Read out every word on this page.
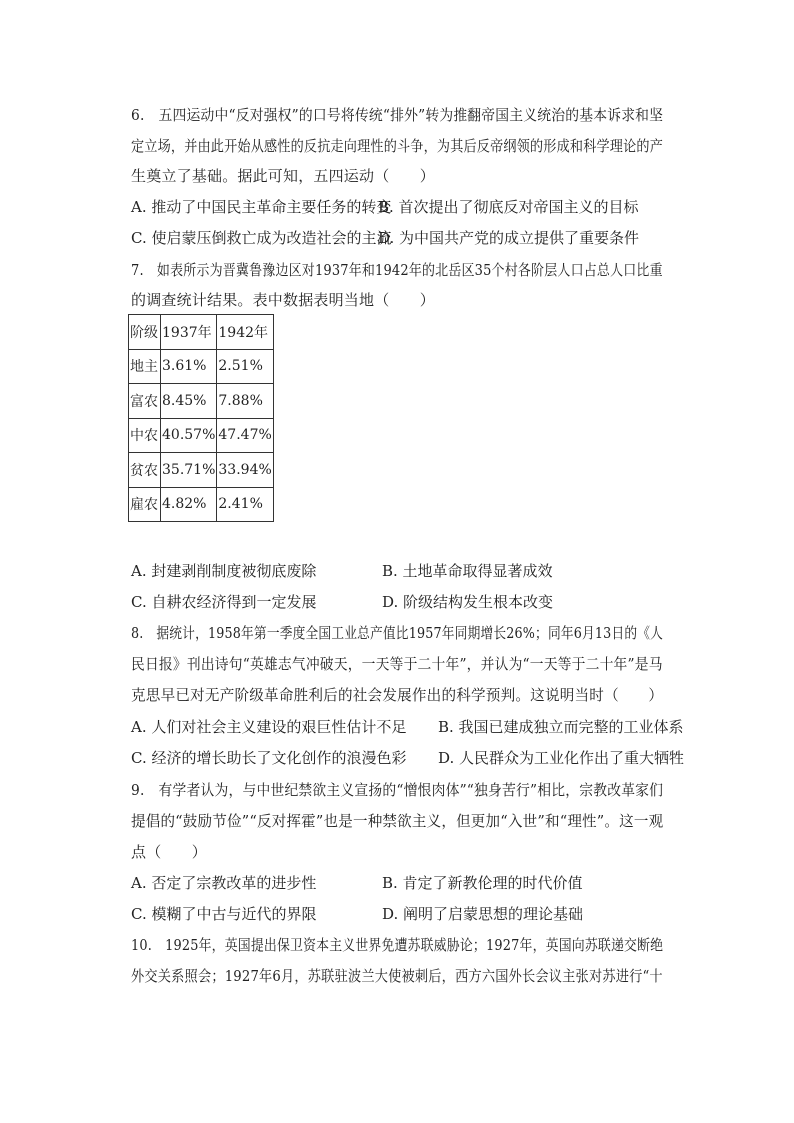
6.　五四运动中“反对强权”的口号将传统“排外”转为推翻帝国主义统治的基本诉求和坚
定立场，并由此开始从感性的反抗走向理性的斗争，为其后反帝纲领的形成和科学理论的产
生奠立了基础。据此可知，五四运动（　　）
A. 推动了中国民主革命主要任务的转变
B. 首次提出了彻底反对帝国主义的目标
C. 使启蒙压倒救亡成为改造社会的主流
D. 为中国共产党的成立提供了重要条件
7.　如表所示为晋冀鲁豫边区对1937年和1942年的北岳区35个村各阶层人口占总人口比重
的调查统计结果。表中数据表明当地（　　）
阶级	1937年	1942年
地主	3.61%	2.51%
富农	8.45%	7.88%
中农	40.57%	47.47%
贫农	35.71%	33.94%
雇农	4.82%	2.41%
A. 封建剥削制度被彻底废除	B. 土地革命取得显著成效
C. 自耕农经济得到一定发展	D. 阶级结构发生根本改变
8.　据统计，1958年第一季度全国工业总产值比1957年同期增长26%；同年6月13日的《人
民日报》刊出诗句“英雄志气冲破天，一天等于二十年”，并认为“一天等于二十年”是马
克思早已对无产阶级革命胜利后的社会发展作出的科学预判。这说明当时（　　）
A. 人们对社会主义建设的艰巨性估计不足 B. 我国已建成独立而完整的工业体系
C. 经济的增长助长了文化创作的浪漫色彩 D. 人民群众为工业化作出了重大牺牲
9.　有学者认为，与中世纪禁欲主义宣扬的“憎恨肉体”“独身苦行”相比，宗教改革家们
提倡的“鼓励节俭”“反对挥霍”也是一种禁欲主义，但更加“入世”和“理性”。这一观
点（　　）
A. 否定了宗教改革的进步性	B. 肯定了新教伦理的时代价值
C. 模糊了中古与近代的界限	D. 阐明了启蒙思想的理论基础
10.　1925年，英国提出保卫资本主义世界免遭苏联威胁论；1927年，英国向苏联递交断绝
外交关系照会；1927年6月，苏联驻波兰大使被刺后，西方六国外长会议主张对苏进行“十
